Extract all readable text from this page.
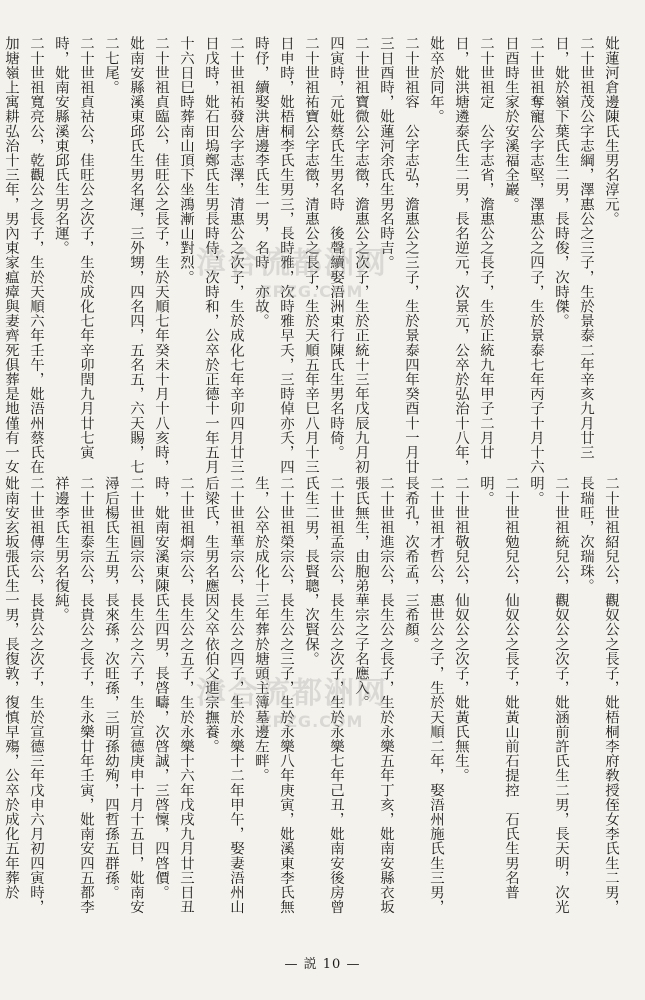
妣蓮河倉邊陳氏生男名淳元。
二十世祖茂公字志綱，澤惠公之三子，生於景泰二年辛亥九月廿三日，妣於嶺下葉氏生二男，長時俊，次時傑。
二十世祖奪寵公字志堅，澤惠公之四子，生於景泰七年丙子十月十六日酉時生家於安溪福全巖。
二十世祖定　公字志省，澹惠公之長子，生於正統九年甲子二月廿日，妣洪塘遴泰氏生二男，長名逆元，次景元，公卒於弘治十八年，妣卒於同年。
二十世祖容　公字志弘，澹惠公之三子，生於景泰四年癸酉十一月廿三日酉時，妣蓮河余氏生男名時吉。
二十世祖寶微公字志徵，澹惠公之次子，生於正統十三年戊辰九月初四寅時，元妣蔡氏生男名時　後聲續娶浯洲東行陳氏生男名時倚。
二十世祖祐寶公字志徵，清惠公之長子，生於天順五年辛巳八月十三日申時，妣梧桐李氏生男三，長時雅，次時雅早夭，三時倬亦夭，四時伃，續娶洪唐邊李氏生一男，名時　亦故。
二十世祖祐發公字志澤，清惠公之次子，生於成化七年辛卯四月廿三日戊時，妣石田塢鄭氏生男長時侍，次時和，公卒於正德十一年五月十六日巳時葬南山頂下坐鴻漸山對烈。
二十世祖貞臨公，佳旺公之長子，生於天順七年癸未十月十八亥時，妣南安縣溪東邱氏生男名運，三外甥，四名四，五名五，六天賜，七二七尾。
二十世祖貞祜公，佳旺公之次子，生於成化七年辛卯閏九月廿七寅時，妣南安縣溪東邱氏生男名運。
二十世祖寬亮公，乾觀公之長子，生於天順六年壬午，妣浯州蔡氏在加塘嶺上寓耕弘治十三年，男內東家瘟瘴與妻齊死俱葬是地僅有一女　
二十世祖紹兒公，觀奴公之長子，妣梧桐李府敎授侄女李氏生二男，長瑞旺，次瑞珠。
二十世祖統兒公，觀奴公之次子，妣涵前許氏生二男，長天明，次光明。
二十世祖勉兒公，仙奴公之長子，妣黃山前石提控　石氏生男名普明。
二十世祖敬兒公，仙奴公之次子，妣黃氏無生。
二十世祖才哲公，惠世公之子，生於天順二年，娶浯州施氏生三男，長希孔，次希孟，三希顏。
二十世祖進宗公，長生公之長子，生於永樂五年丁亥，妣南安縣衣坂張氏無生，由胞弟華宗之子名應入。
二十世祖孟宗公，長生公之次子，生於永樂七年己丑，妣南安後房曾氏生二男，長賢聰，次賢保。
二十世祖榮宗公，長生公之三子，生於永樂八年庚寅，妣溪東李氏無生，公卒於成化十三年葬於塘頭主簿墓邊左畔。
二十世祖華宗公，長生公之四子，生於永樂十二年甲午，娶妻浯州山后梁氏，生男名應因父卒依伯父進宗撫養。
二十世祖烱宗公，長生公之五子，生於永樂十六年戊戌九月廿三日丑時，妣南安溪東陳氏生四男，長啓疇，次啓誠，三啓懍，四啓價。
二十世祖圓宗公，長生公之六子，生於宣德庚申十月十五日，妣南安　潯后楊氏生五男，長來孫，次旺孫，三明孫幼殉，四哲孫五群孫。
二十世祖泰宗公，長貴公之長子，生永樂廿年壬寅，妣南安四五都李祥邊李氏生男名復純。
二十世祖傳宗公，長貴公之次子，生於宣德三年戊申六月初四寅時，妣南安玄坂張氏生一男，長復敦，復慎早殤，公卒於成化五年葬於　
漳合流都洲网
ZPZG.COM
漳合流都洲网
ZPZG.COM
— 説 10 —
